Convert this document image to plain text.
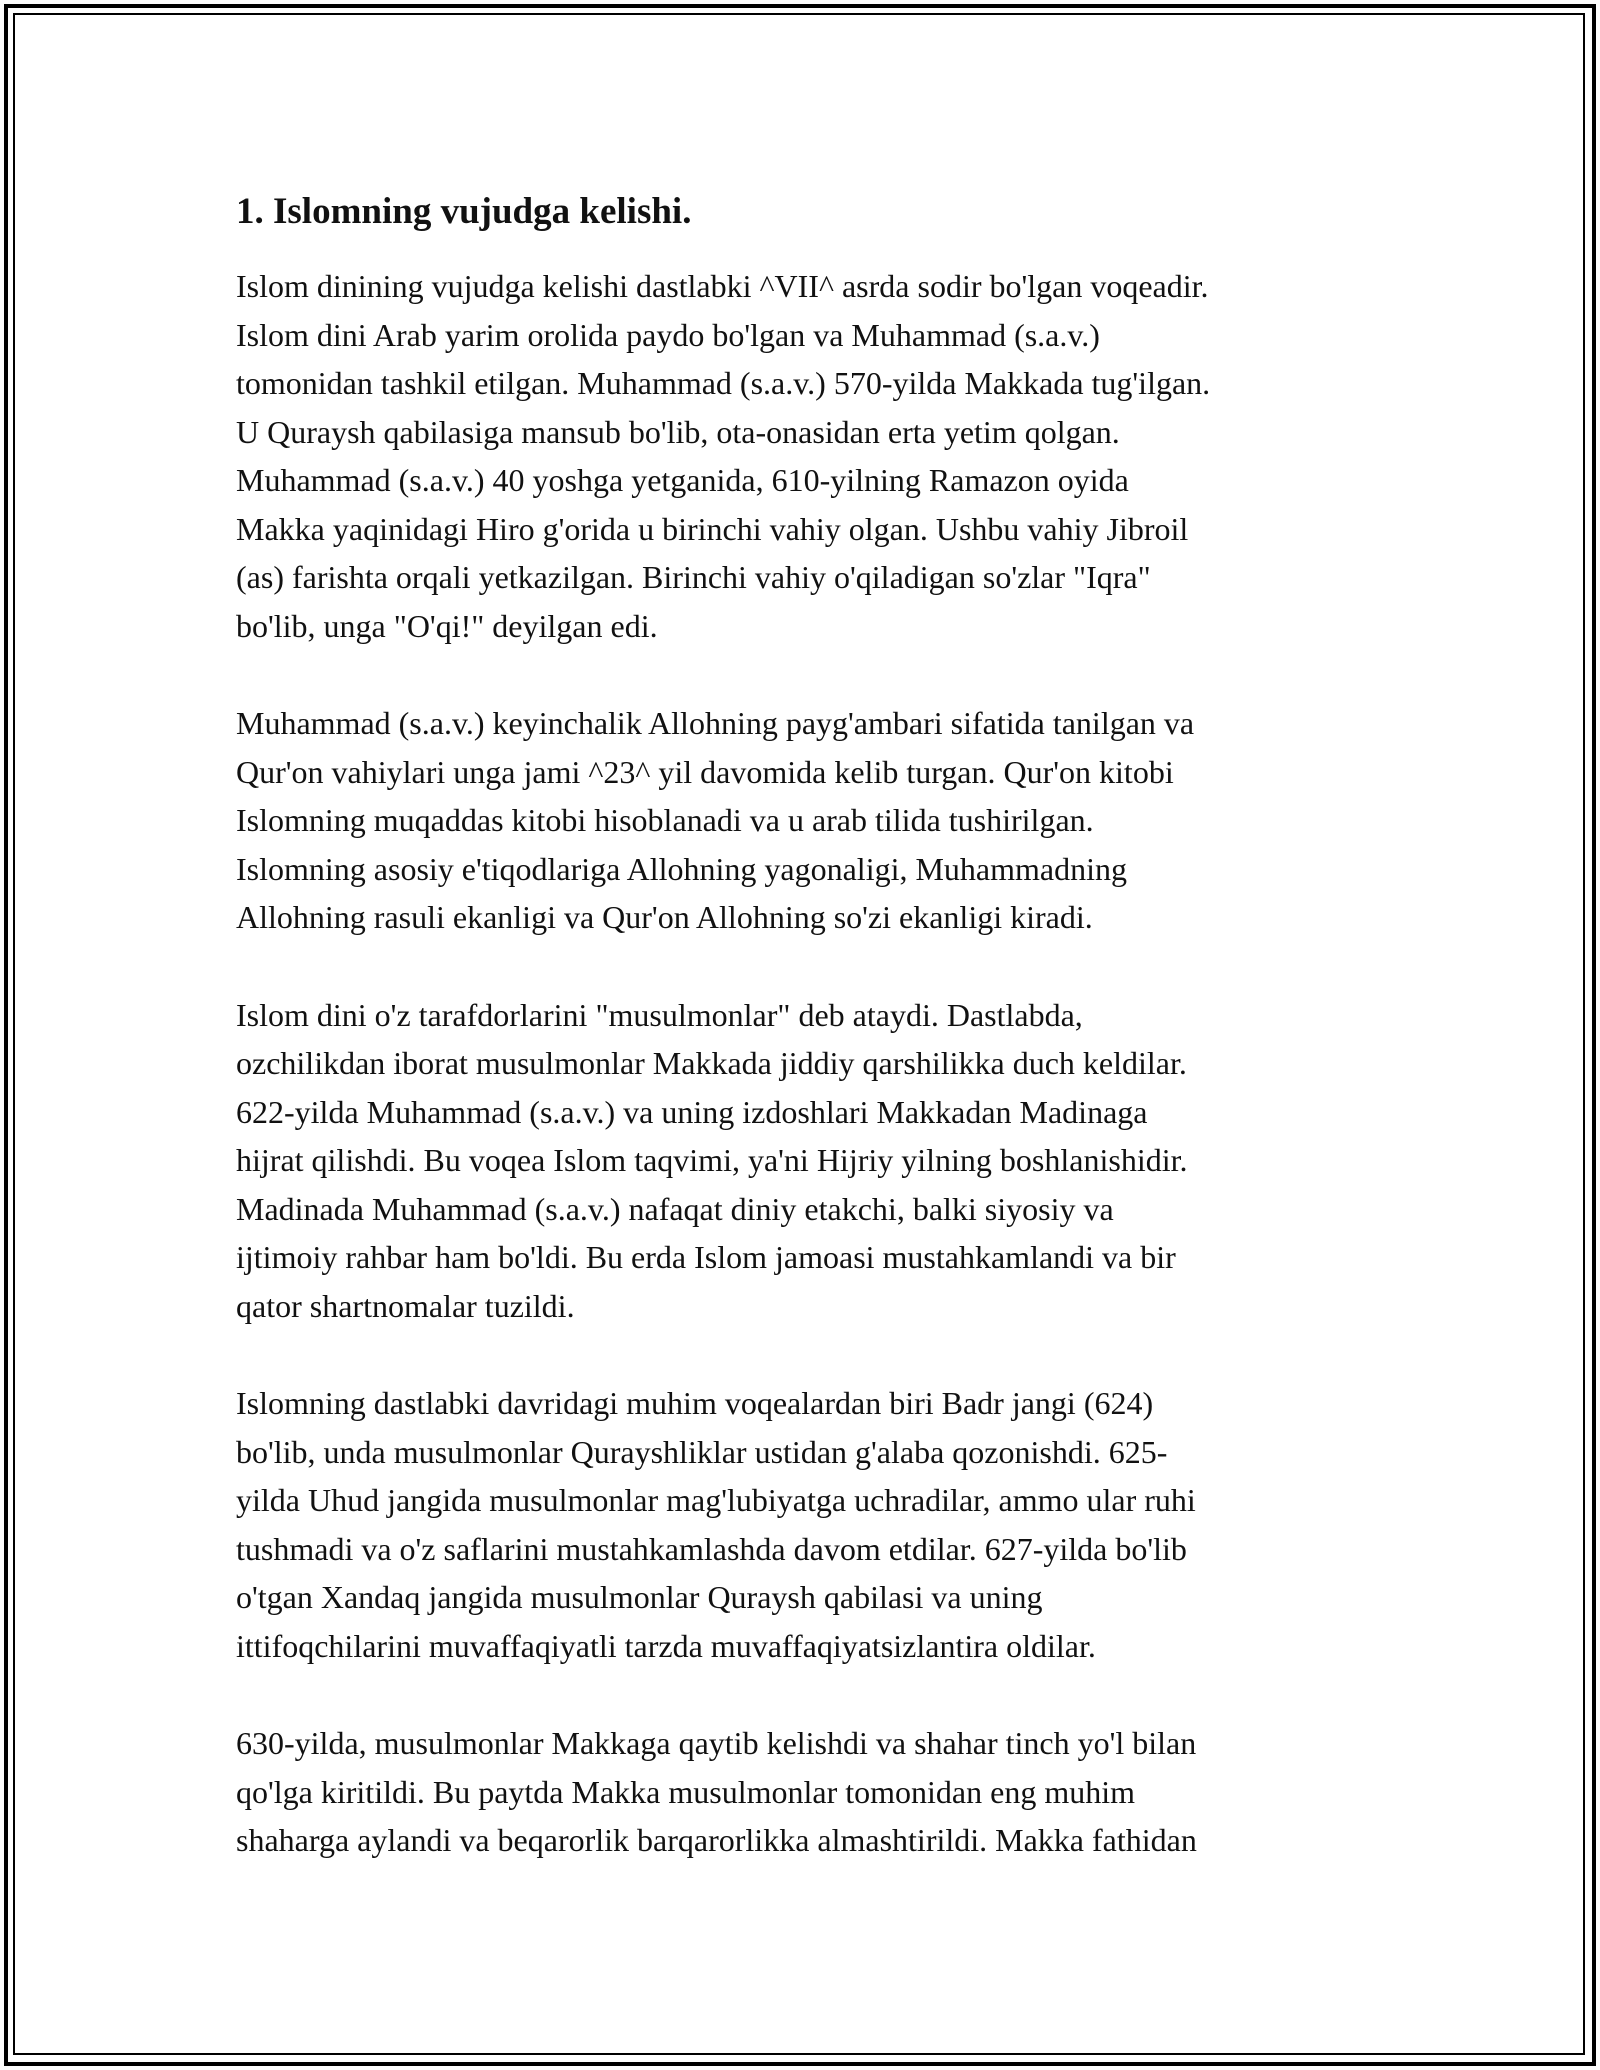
1. Islomning vujudga kelishi.
Islom dinining vujudga kelishi dastlabki ^VII^ asrda sodir bo'lgan voqeadir.
Islom dini Arab yarim orolida paydo bo'lgan va Muhammad (s.a.v.)
tomonidan tashkil etilgan. Muhammad (s.a.v.) 570-yilda Makkada tug'ilgan.
U Quraysh qabilasiga mansub bo'lib, ota-onasidan erta yetim qolgan.
Muhammad (s.a.v.) 40 yoshga yetganida, 610-yilning Ramazon oyida
Makka yaqinidagi Hiro g'orida u birinchi vahiy olgan. Ushbu vahiy Jibroil
(as) farishta orqali yetkazilgan. Birinchi vahiy o'qiladigan so'zlar "Iqra"
bo'lib, unga "O'qi!" deyilgan edi.
Muhammad (s.a.v.) keyinchalik Allohning payg'ambari sifatida tanilgan va
Qur'on vahiylari unga jami ^23^ yil davomida kelib turgan. Qur'on kitobi
Islomning muqaddas kitobi hisoblanadi va u arab tilida tushirilgan.
Islomning asosiy e'tiqodlariga Allohning yagonaligi, Muhammadning
Allohning rasuli ekanligi va Qur'on Allohning so'zi ekanligi kiradi.
Islom dini o'z tarafdorlarini "musulmonlar" deb ataydi. Dastlabda,
ozchilikdan iborat musulmonlar Makkada jiddiy qarshilikka duch keldilar.
622-yilda Muhammad (s.a.v.) va uning izdoshlari Makkadan Madinaga
hijrat qilishdi. Bu voqea Islom taqvimi, ya'ni Hijriy yilning boshlanishidir.
Madinada Muhammad (s.a.v.) nafaqat diniy etakchi, balki siyosiy va
ijtimoiy rahbar ham bo'ldi. Bu erda Islom jamoasi mustahkamlandi va bir
qator shartnomalar tuzildi.
Islomning dastlabki davridagi muhim voqealardan biri Badr jangi (624)
bo'lib, unda musulmonlar Qurayshliklar ustidan g'alaba qozonishdi. 625-
yilda Uhud jangida musulmonlar mag'lubiyatga uchradilar, ammo ular ruhi
tushmadi va o'z saflarini mustahkamlashda davom etdilar. 627-yilda bo'lib
o'tgan Xandaq jangida musulmonlar Quraysh qabilasi va uning
ittifoqchilarini muvaffaqiyatli tarzda muvaffaqiyatsizlantira oldilar.
630-yilda, musulmonlar Makkaga qaytib kelishdi va shahar tinch yo'l bilan
qo'lga kiritildi. Bu paytda Makka musulmonlar tomonidan eng muhim
shaharga aylandi va beqarorlik barqarorlikka almashtirildi. Makka fathidan
